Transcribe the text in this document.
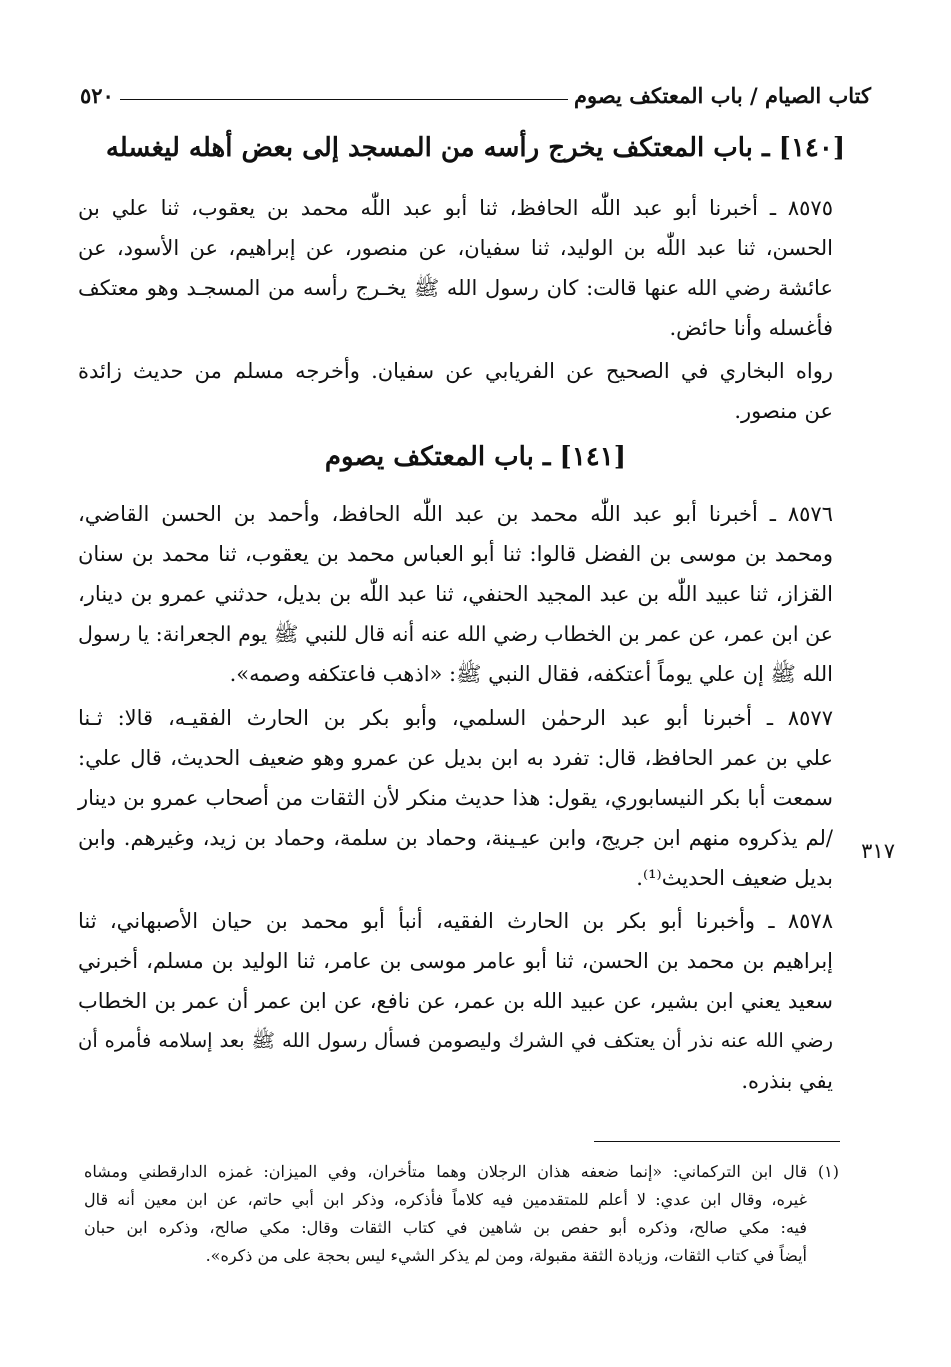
كتاب الصيام / باب المعتكف يصوم
٥٢٠
[١٤٠] ـ باب المعتكف يخرج رأسه من المسجد إلى بعض أهله ليغسله
٨٥٧٥ ـ أخبرنا أبو عبد اللّٰه الحافظ، ثنا أبو عبد اللّٰه محمد بن يعقوب، ثنا علي بن
الحسن، ثنا عبد اللّٰه بن الوليد، ثنا سفيان، عن منصور، عن إبراهيم، عن الأسود، عن
عائشة رضي الله عنها قالت: كان رسول الله ﷺ يخـرج رأسه من المسجـد وهو معتكف
فأغسله وأنا حائض.
رواه البخاري في الصحيح عن الفريابي عن سفيان. وأخرجه مسلم من حديث زائدة
عن منصور.
[١٤١] ـ باب المعتكف يصوم
٨٥٧٦ ـ أخبرنا أبو عبد اللّٰه محمد بن عبد اللّٰه الحافظ، وأحمد بن الحسن القاضي،
ومحمد بن موسى بن الفضل قالوا: ثنا أبو العباس محمد بن يعقوب، ثنا محمد بن سنان
القزاز، ثنا عبيد اللّٰه بن عبد المجيد الحنفي، ثنا عبد اللّٰه بن بديل، حدثني عمرو بن دينار،
عن ابن عمر، عن عمر بن الخطاب رضي الله عنه أنه قال للنبي ﷺ يوم الجعرانة: يا رسول
الله ﷺ إن علي يوماً أعتكفه، فقال النبي ﷺ: «اذهب فاعتكفه وصمه».
٨٥٧٧ ـ أخبرنا أبو عبد الرحمٰن السلمي، وأبو بكر بن الحارث الفقيـه، قالا: ثـنا
علي بن عمر الحافظ، قال: تفرد به ابن بديل عن عمرو وهو ضعيف الحديث، قال علي:
سمعت أبا بكر النيسابوري، يقول: هذا حديث منكر لأن الثقات من أصحاب عمرو بن دينار
/لم يذكروه منهم ابن جريج، وابن عيـينة، وحماد بن سلمة، وحماد بن زيد، وغيرهم. وابن
بديل ضعيف الحديث⁽¹⁾.
٣١٧
٨٥٧٨ ـ وأخبرنا أبو بكر بن الحارث الفقيه، أنبأ أبو محمد بن حيان الأصبهاني، ثنا
إبراهيم بن محمد بن الحسن، ثنا أبو عامر موسى بن عامر، ثنا الوليد بن مسلم، أخبرني
سعيد يعني ابن بشير، عن عبيد الله بن عمر، عن نافع، عن ابن عمر أن عمر بن الخطاب
رضي الله عنه نذر أن يعتكف في الشرك وليصومن فسأل رسول الله ﷺ بعد إسلامه فأمره أن
يفي بنذره.
(١) قال ابن التركماني: «إنما ضعفه هذان الرجلان وهما متأخران، وفي الميزان: غمزه الدارقطني ومشاه
غيره، وقال ابن عدي: لا أعلم للمتقدمين فيه كلاماً فأذكره، وذكر ابن أبي حاتم، عن ابن معين أنه قال
فيه: مكي صالح، وذكره أبو حفص بن شاهين في كتاب الثقات وقال: مكي صالح، وذكره ابن حبان
أيضاً في كتاب الثقات، وزيادة الثقة مقبولة، ومن لم يذكر الشيء ليس بحجة على من ذكره».
